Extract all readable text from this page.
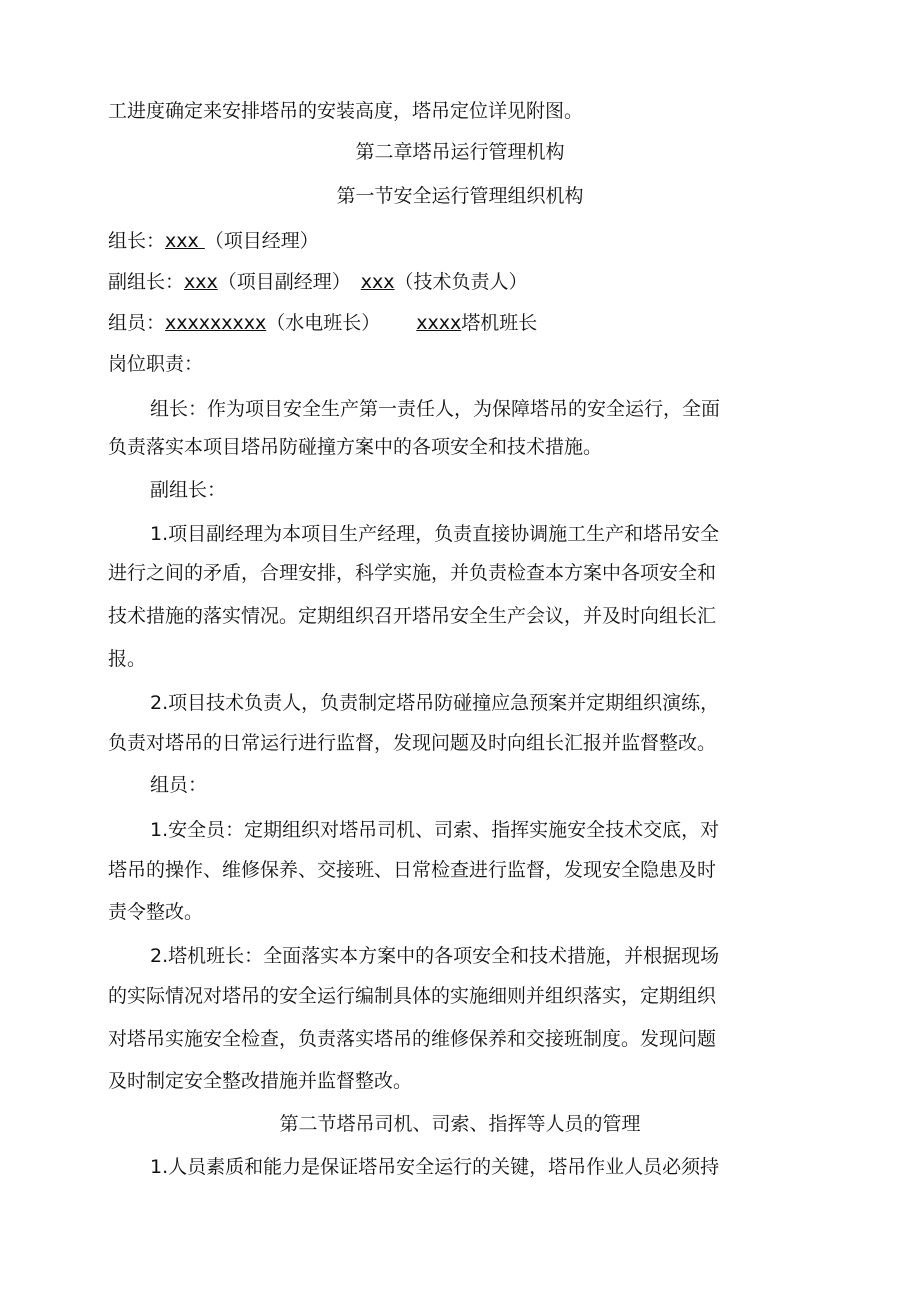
工进度确定来安排塔吊的安装高度，塔吊定位详见附图。
第二章塔吊运行管理机构
第一节安全运行管理组织机构
组长：xxx （项目经理）
副组长：xxx（项目副经理） xxx（技术负责人）
组员：xxxxxxxxx（水电班长） xxxx塔机班长
岗位职责：
组长：作为项目安全生产第一责任人，为保障塔吊的安全运行，全面
负责落实本项目塔吊防碰撞方案中的各项安全和技术措施。
副组长：
1.项目副经理为本项目生产经理，负责直接协调施工生产和塔吊安全
进行之间的矛盾，合理安排，科学实施，并负责检查本方案中各项安全和
技术措施的落实情况。定期组织召开塔吊安全生产会议，并及时向组长汇
报。
2.项目技术负责人，负责制定塔吊防碰撞应急预案并定期组织演练，
负责对塔吊的日常运行进行监督，发现问题及时向组长汇报并监督整改。
组员：
1.安全员：定期组织对塔吊司机、司索、指挥实施安全技术交底，对
塔吊的操作、维修保养、交接班、日常检查进行监督，发现安全隐患及时
责令整改。
2.塔机班长：全面落实本方案中的各项安全和技术措施，并根据现场
的实际情况对塔吊的安全运行编制具体的实施细则并组织落实，定期组织
对塔吊实施安全检查，负责落实塔吊的维修保养和交接班制度。发现问题
及时制定安全整改措施并监督整改。
第二节塔吊司机、司索、指挥等人员的管理
1.人员素质和能力是保证塔吊安全运行的关键，塔吊作业人员必须持
